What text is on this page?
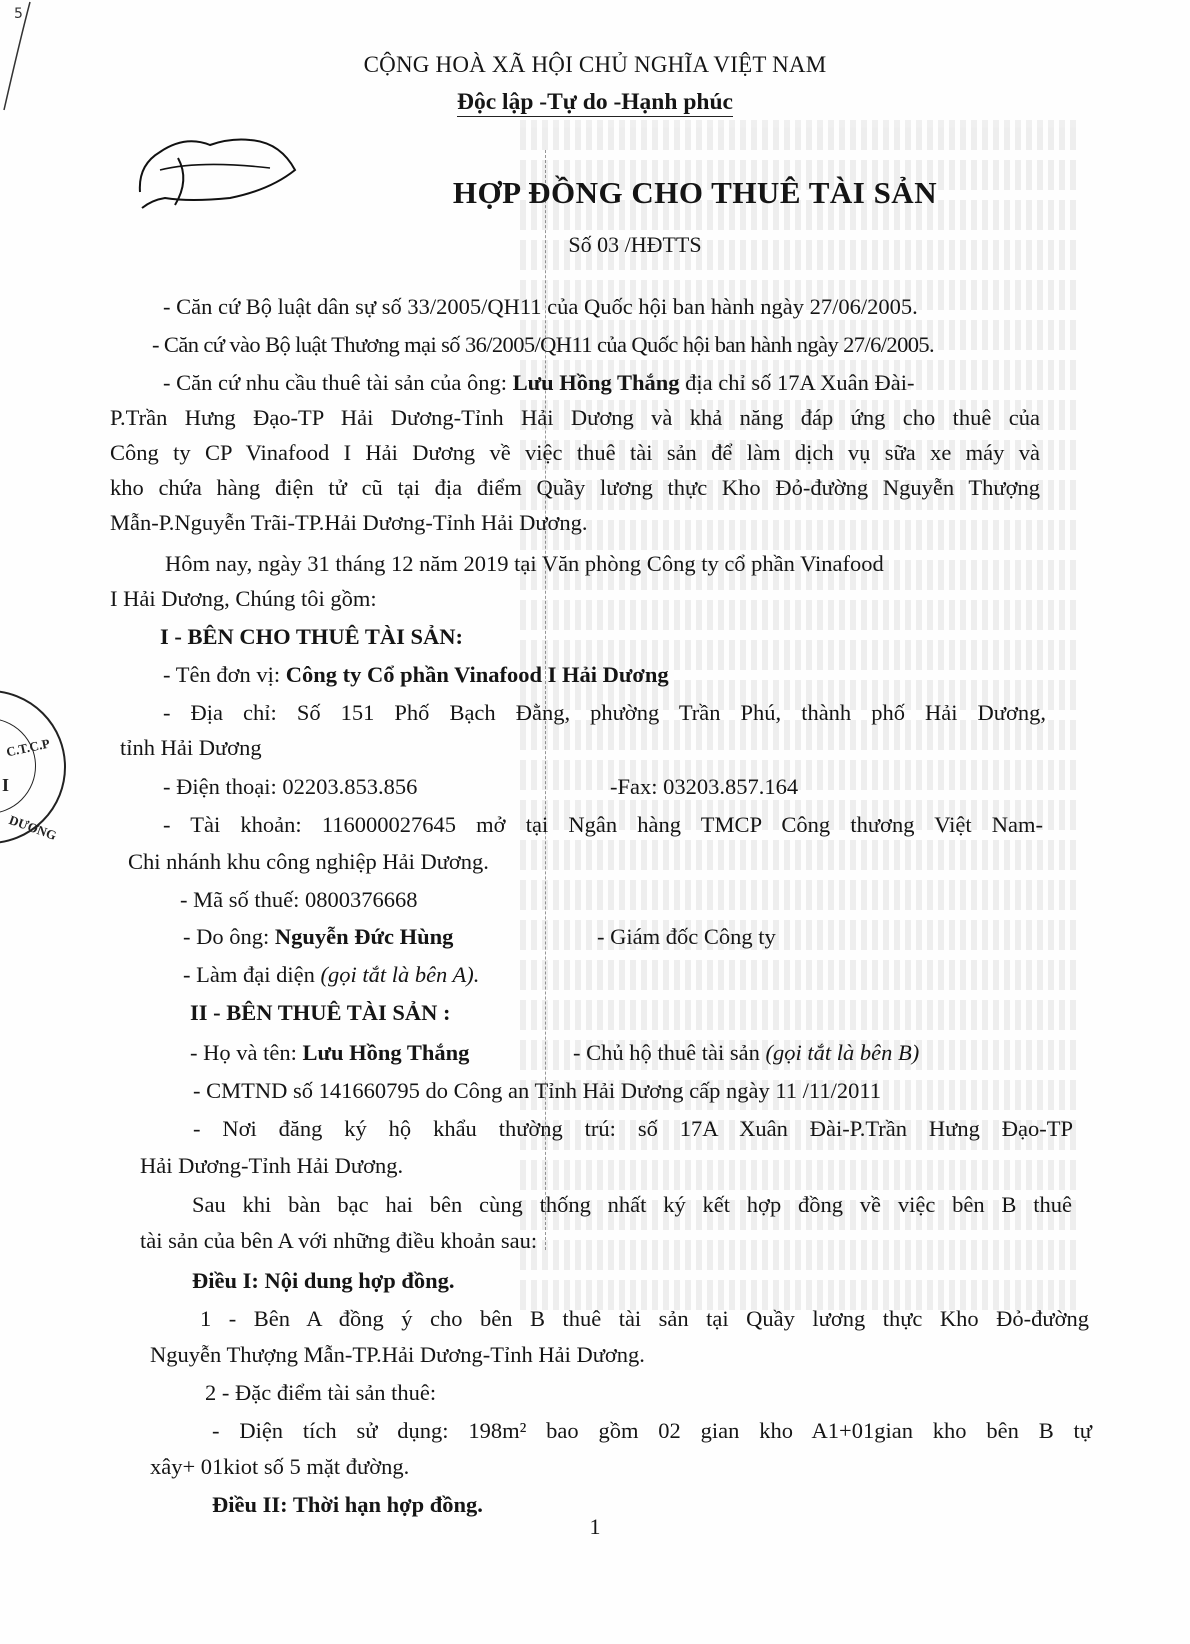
5
C.T.C.P
I
DƯƠNG
CỘNG HOÀ XÃ HỘI CHỦ NGHĨA VIỆT NAM
Độc lập -Tự do -Hạnh phúc
HỢP ĐỒNG CHO THUÊ TÀI SẢN
Số 03 /HĐTTS
- Căn cứ Bộ luật dân sự số 33/2005/QH11 của Quốc hội ban hành ngày 27/06/2005.
- Căn cứ vào Bộ luật Thương mại số 36/2005/QH11 của Quốc hội ban hành ngày 27/6/2005.
- Căn cứ nhu cầu thuê tài sản của ông: Lưu Hồng Thắng địa chỉ số 17A Xuân Đài-
P.Trần Hưng Đạo-TP Hải Dương-Tỉnh Hải Dương và khả năng đáp ứng cho thuê của
Công ty CP Vinafood I Hải Dương về việc thuê tài sản để làm dịch vụ sữa xe máy và
kho chứa hàng điện tử cũ tại địa điểm Quầy lương thực Kho Đỏ-đường Nguyễn Thượng
Mẫn-P.Nguyễn Trãi-TP.Hải Dương-Tỉnh Hải Dương.
Hôm nay, ngày 31 tháng 12 năm 2019 tại Văn phòng Công ty cổ phần Vinafood
I Hải Dương, Chúng tôi gồm:
I - BÊN CHO THUÊ TÀI SẢN:
- Tên đơn vị: Công ty Cổ phần Vinafood I Hải Dương
- Địa chỉ: Số 151 Phố Bạch Đằng, phường Trần Phú, thành phố Hải Dương,
tỉnh Hải Dương
- Điện thoại: 02203.853.856	-Fax: 03203.857.164
- Tài khoản: 116000027645 mở tại Ngân hàng TMCP Công thương Việt Nam-
Chi nhánh khu công nghiệp Hải Dương.
- Mã số thuế: 0800376668
- Do ông: Nguyễn Đức Hùng	- Giám đốc Công ty
- Làm đại diện (gọi tắt là bên A).
II - BÊN THUÊ TÀI SẢN :
- Họ và tên: Lưu Hồng Thắng	- Chủ hộ thuê tài sản (gọi tắt là bên B)
- CMTND số 141660795 do Công an Tỉnh Hải Dương cấp ngày 11 /11/2011
- Nơi đăng ký hộ khẩu thường trú: số 17A Xuân Đài-P.Trần Hưng Đạo-TP
Hải Dương-Tỉnh Hải Dương.
Sau khi bàn bạc hai bên cùng thống nhất ký kết hợp đồng về việc bên B thuê
tài sản của bên A với những điều khoản sau:
Điều I: Nội dung hợp đồng.
1 - Bên A đồng ý cho bên B thuê tài sản tại Quầy lương thực Kho Đỏ-đường
Nguyễn Thượng Mẫn-TP.Hải Dương-Tỉnh Hải Dương.
2 - Đặc điểm tài sản thuê:
- Diện tích sử dụng: 198m² bao gồm 02 gian kho A1+01gian kho bên B tự
xây+ 01kiot số 5 mặt đường.
Điều II: Thời hạn hợp đồng.
1
